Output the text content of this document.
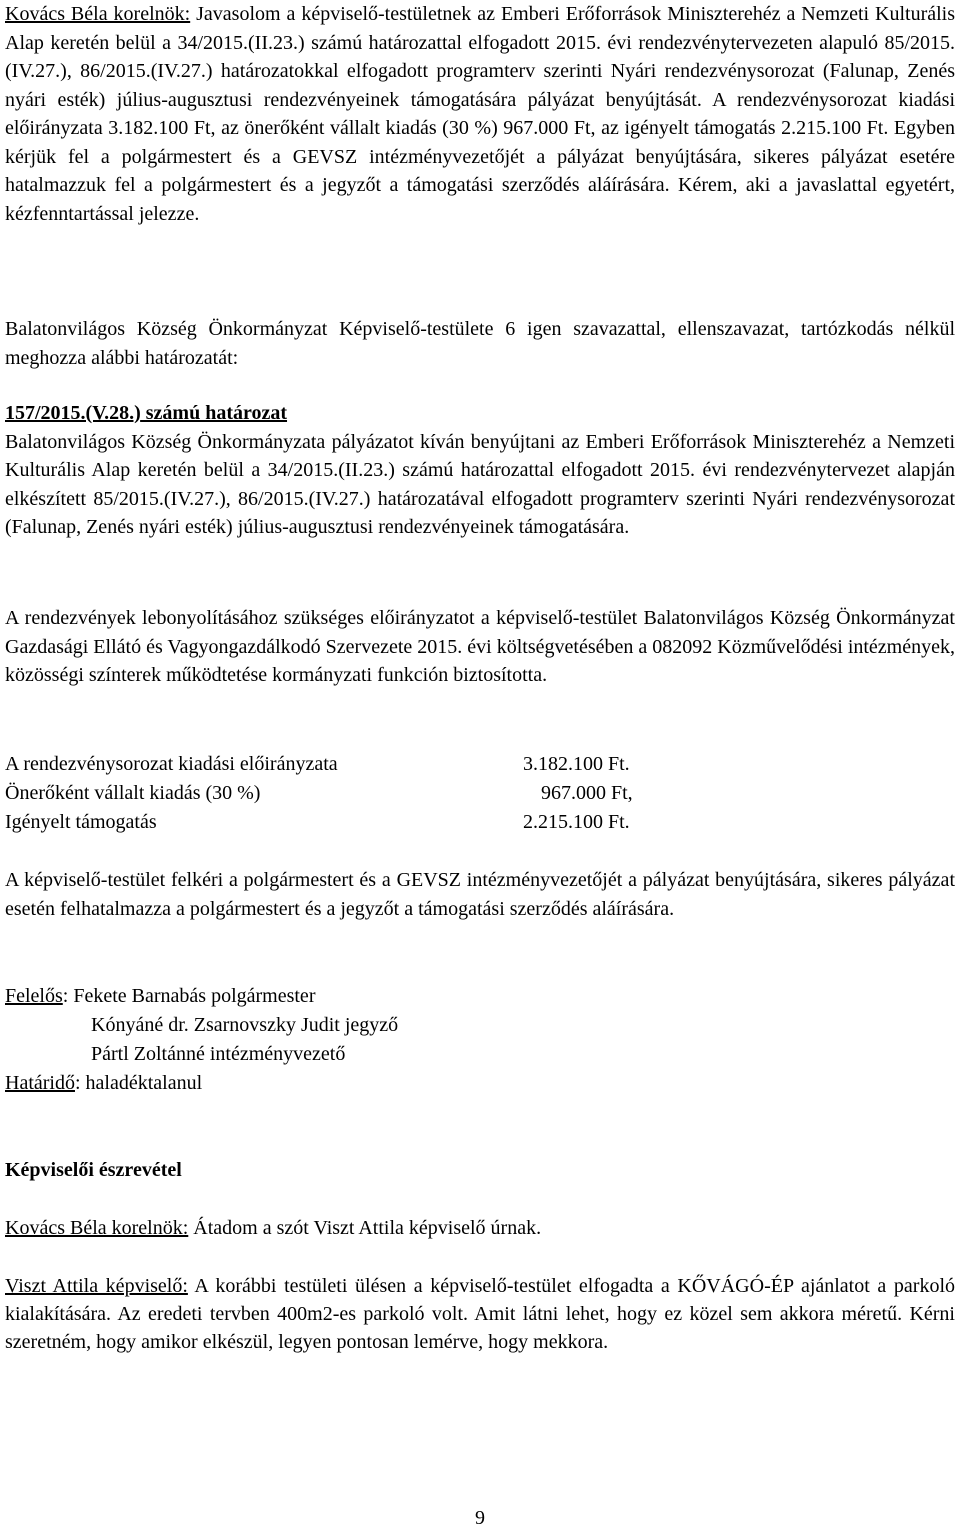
Kovács Béla korelnök: Javasolom a képviselő-testületnek az Emberi Erőforrások Miniszterehéz a Nemzeti Kulturális Alap keretén belül a 34/2015.(II.23.) számú határozattal elfogadott 2015. évi rendezvénytervezeten alapuló 85/2015.(IV.27.), 86/2015.(IV.27.) határozatokkal elfogadott programterv szerinti Nyári rendezvénysorozat (Falunap, Zenés nyári esték) július-augusztusi rendezvényeinek támogatására pályázat benyújtását. A rendezvénysorozat kiadási előirányzata 3.182.100 Ft, az önerőként vállalt kiadás (30 %) 967.000 Ft, az igényelt támogatás 2.215.100 Ft. Egyben kérjük fel a polgármestert és a GEVSZ intézményvezetőjét a pályázat benyújtására, sikeres pályázat esetére hatalmazzuk fel a polgármestert és a jegyzőt a támogatási szerződés aláírására. Kérem, aki a javaslattal egyetért, kézfenntartással jelezze.
Balatonvilágos Község Önkormányzat Képviselő-testülete 6 igen szavazattal, ellenszavazat, tartózkodás nélkül meghozza alábbi határozatát:
157/2015.(V.28.) számú határozat
Balatonvilágos Község Önkormányzata pályázatot kíván benyújtani az Emberi Erőforrások Miniszterehéz a Nemzeti Kulturális Alap keretén belül a 34/2015.(II.23.) számú határozattal elfogadott 2015. évi rendezvénytervezet alapján elkészített 85/2015.(IV.27.), 86/2015.(IV.27.) határozatával elfogadott programterv szerinti Nyári rendezvénysorozat (Falunap, Zenés nyári esték) július-augusztusi rendezvényeinek támogatására.
A rendezvények lebonyolításához szükséges előirányzatot a képviselő-testület Balatonvilágos Község Önkormányzat Gazdasági Ellátó és Vagyongazdálkodó Szervezete 2015. évi költségvetésében a 082092 Közművelődési intézmények, közösségi színterek működtetése kormányzati funkción biztosította.
A rendezvénysorozat kiadási előirányzata	3.182.100 Ft.
Önerőként vállalt kiadás (30 %)	967.000 Ft,
Igényelt támogatás	2.215.100 Ft.
A képviselő-testület felkéri a polgármestert és a GEVSZ intézményvezetőjét a pályázat benyújtására, sikeres pályázat esetén felhatalmazza a polgármestert és a jegyzőt a támogatási szerződés aláírására.
Felelős: Fekete Barnabás polgármester
Kónyáné dr. Zsarnovszky Judit jegyző
Pártl Zoltánné intézményvezető
Határidő: haladéktalanul
Képviselői észrevétel
Kovács Béla korelnök: Átadom a szót Viszt Attila képviselő úrnak.
Viszt Attila képviselő: A korábbi testületi ülésen a képviselő-testület elfogadta a KŐVÁGÓ-ÉP ajánlatot a parkoló kialakítására. Az eredeti tervben 400m2-es parkoló volt. Amit látni lehet, hogy ez közel sem akkora méretű. Kérni szeretném, hogy amikor elkészül, legyen pontosan lemérve, hogy mekkora.
9
